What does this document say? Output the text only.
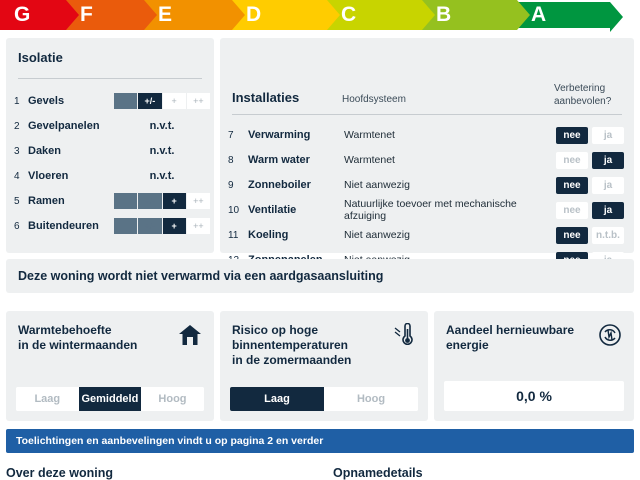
G F	E	D	C	B	A
Isolatie
1 Gevels	+/-	+	++
2 Gevelpanelen	n.v.t.
3 Daken	n.v.t.
4 Vloeren	n.v.t.
5 Ramen	+/-	+	++
6 Buitendeuren	+/-	+	++
Installaties	Hoofdsysteem
Verbetering
aanbevolen?
7	Verwarming	Warmtenet	nee	ja
8	Warm water	Warmtenet	nee	ja
9	Zonneboiler	Niet aanwezig	nee	ja
10 Ventilatie	Natuurlijke toevoer met mechanische afzuiging	nee	ja
11 Koeling	Niet aanwezig	nee	n.t.b.
Deze woning wordt niet verwarmd via een aardgasaansluiting
Warmtebehoefte
in de wintermaanden
Laag	Gemiddeld	Hoog
Risico op hoge
binnentemperaturen
in de zomermaanden
Laag	Hoog
Aandeel hernieuwbare
energie
0,0 %
Toelichtingen en aanbevelingen vindt u op pagina 2 en verder
Over deze woning	Opnamedetails
